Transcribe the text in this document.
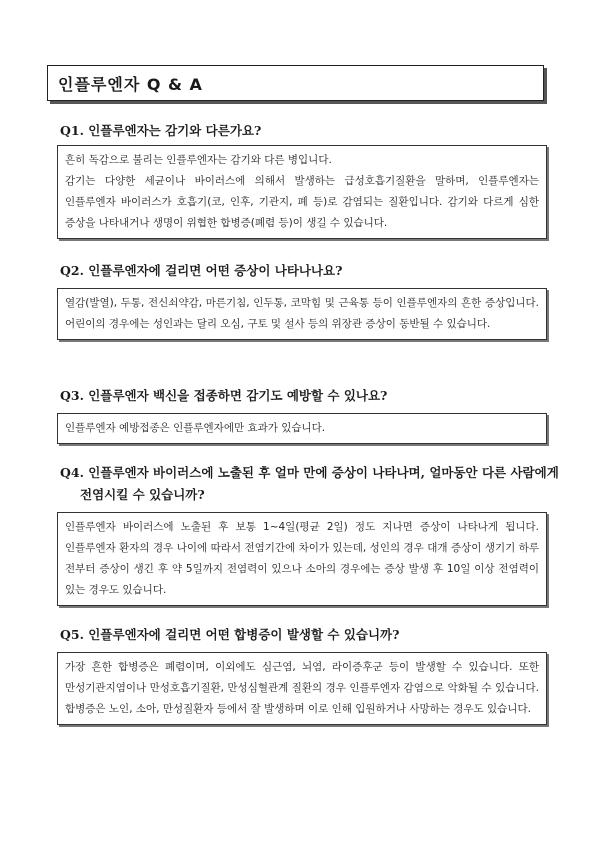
인플루엔자 Q & A

Q1. 인플루엔자는 감기와 다른가요?

흔히 독감으로 불리는 인플루엔자는 감기와 다른 병입니다.

감기는 다양한 세균이나 바이러스에 의해서 발생하는 급성호흡기질환을 말하며, 인플루엔자는 인플루엔자 바이러스가 호흡기(코, 인후, 기관지, 폐 등)로 감염되는 질환입니다. 감기와 다르게 심한 증상을 나타내거나 생명이 위협한 합병증(폐렴 등)이 생길 수 있습니다.

Q2. 인플루엔자에 걸리면 어떤 증상이 나타나나요?

열감(발열), 두통, 전신쇠약감, 마른기침, 인두통, 코막힘 및 근육통 등이 인플루엔자의 흔한 증상입니다. 어린이의 경우에는 성인과는 달리 오심, 구토 및 설사 등의 위장관 증상이 동반될 수 있습니다.

Q3. 인플루엔자 백신을 접종하면 감기도 예방할 수 있나요?

인플루엔자 예방접종은 인플루엔자에만 효과가 있습니다.

Q4. 인플루엔자 바이러스에 노출된 후 얼마 만에 증상이 나타나며, 얼마동안 다른 사람에게 전염시킬 수 있습니까?

인플루엔자 바이러스에 노출된 후 보통 1~4일(평균 2일) 정도 지나면 증상이 나타나게 됩니다. 인플루엔자 환자의 경우 나이에 따라서 전염기간에 차이가 있는데, 성인의 경우 대개 증상이 생기기 하루 전부터 증상이 생긴 후 약 5일까지 전염력이 있으나 소아의 경우에는 증상 발생 후 10일 이상 전염력이 있는 경우도 있습니다.

Q5. 인플루엔자에 걸리면 어떤 합병증이 발생할 수 있습니까?

가장 흔한 합병증은 폐렴이며, 이외에도 심근염, 뇌염, 라이증후군 등이 발생할 수 있습니다. 또한 만성기관지염이나 만성호흡기질환, 만성심혈관계 질환의 경우 인플루엔자 감염으로 악화될 수 있습니다. 합병증은 노인, 소아, 만성질환자 등에서 잘 발생하며 이로 인해 입원하거나 사망하는 경우도 있습니다.
